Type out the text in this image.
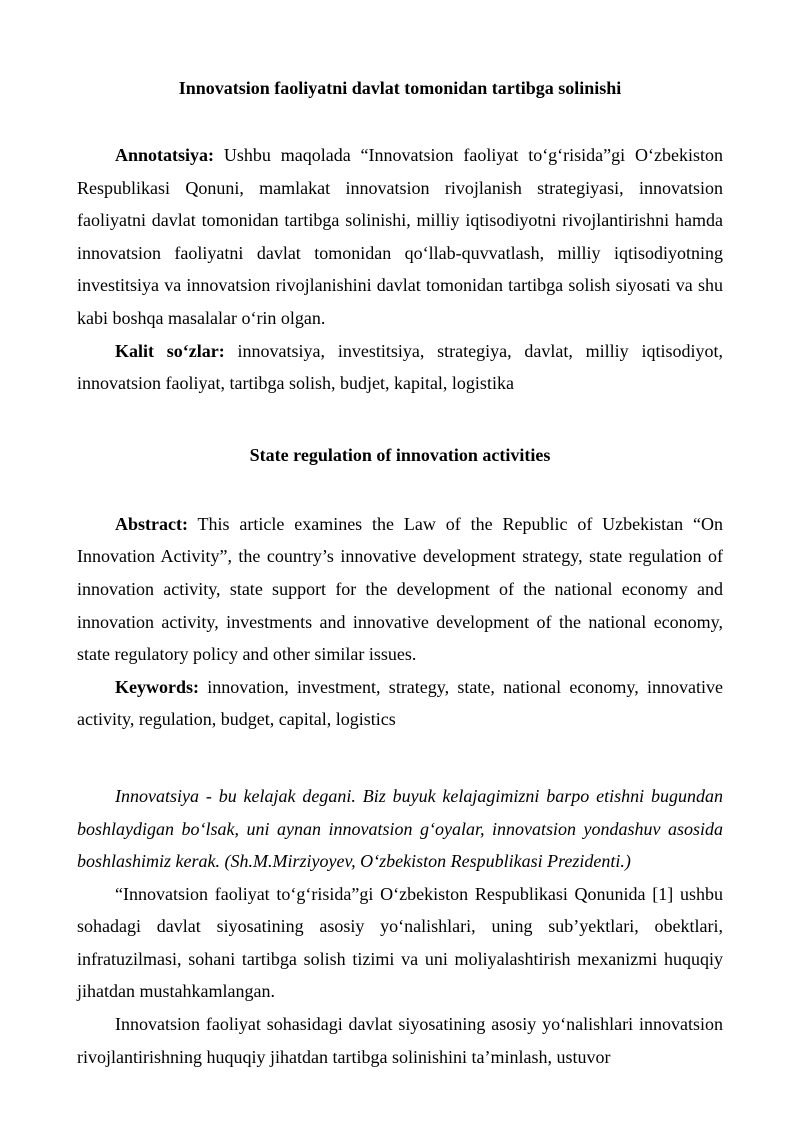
Innovatsion faoliyatni davlat tomonidan tartibga solinishi

Annotatsiya: Ushbu maqolada “Innovatsion faoliyat to‘g‘risida”gi O‘zbekiston Respublikasi Qonuni, mamlakat innovatsion rivojlanish strategiyasi, innovatsion faoliyatni davlat tomonidan tartibga solinishi, milliy iqtisodiyotni rivojlantirishni hamda innovatsion faoliyatni davlat tomonidan qo‘llab-quvvatlash, milliy iqtisodiyotning investitsiya va innovatsion rivojlanishini davlat tomonidan tartibga solish siyosati va shu kabi boshqa masalalar o‘rin olgan.

Kalit so‘zlar: innovatsiya, investitsiya, strategiya, davlat, milliy iqtisodiyot, innovatsion faoliyat, tartibga solish, budjet, kapital, logistika

State regulation of innovation activities

Abstract: This article examines the Law of the Republic of Uzbekistan “On Innovation Activity”, the country’s innovative development strategy, state regulation of innovation activity, state support for the development of the national economy and innovation activity, investments and innovative development of the national economy, state regulatory policy and other similar issues.

Keywords: innovation, investment, strategy, state, national economy, innovative activity, regulation, budget, capital, logistics

Innovatsiya - bu kelajak degani. Biz buyuk kelajagimizni barpo etishni bugundan boshlaydigan bo‘lsak, uni aynan innovatsion g‘oyalar, innovatsion yondashuv asosida boshlashimiz kerak. (Sh.M.Mirziyoyev, O‘zbekiston Respublikasi Prezidenti.)

“Innovatsion faoliyat to‘g‘risida”gi O‘zbekiston Respublikasi Qonunida [1] ushbu sohadagi davlat siyosatining asosiy yo‘nalishlari, uning sub’yektlari, obektlari, infratuzilmasi, sohani tartibga solish tizimi va uni moliyalashtirish mexanizmi huquqiy jihatdan mustahkamlangan.

Innovatsion faoliyat sohasidagi davlat siyosatining asosiy yo‘nalishlari innovatsion rivojlantirishning huquqiy jihatdan tartibga solinishini ta’minlash, ustuvor
